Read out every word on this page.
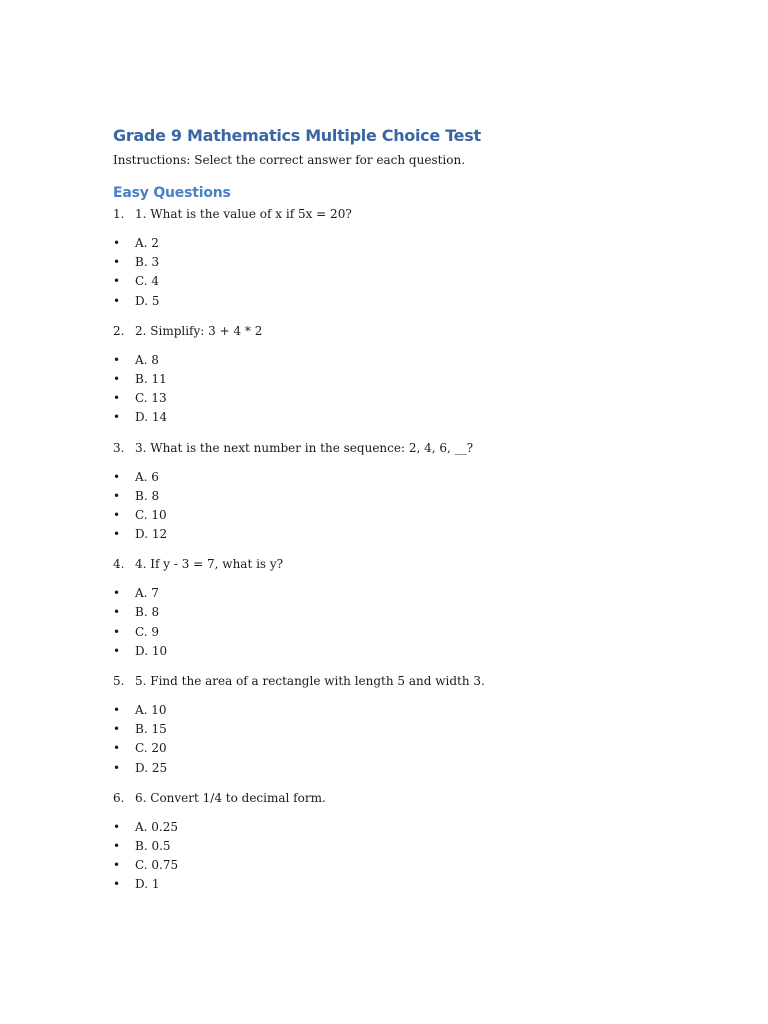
Grade 9 Mathematics Multiple Choice Test

Instructions: Select the correct answer for each question.

Easy Questions
1. 1. What is the value of x if 5x = 20?
• A. 2
• B. 3
• C. 4
• D. 5
2. 2. Simplify: 3 + 4 * 2
• A. 8
• B. 11
• C. 13
• D. 14
3. 3. What is the next number in the sequence: 2, 4, 6, __?
• A. 6
• B. 8
• C. 10
• D. 12
4. 4. If y - 3 = 7, what is y?
• A. 7
• B. 8
• C. 9
• D. 10
5. 5. Find the area of a rectangle with length 5 and width 3.
• A. 10
• B. 15
• C. 20
• D. 25
6. 6. Convert 1/4 to decimal form.
• A. 0.25
• B. 0.5
• C. 0.75
• D. 1
